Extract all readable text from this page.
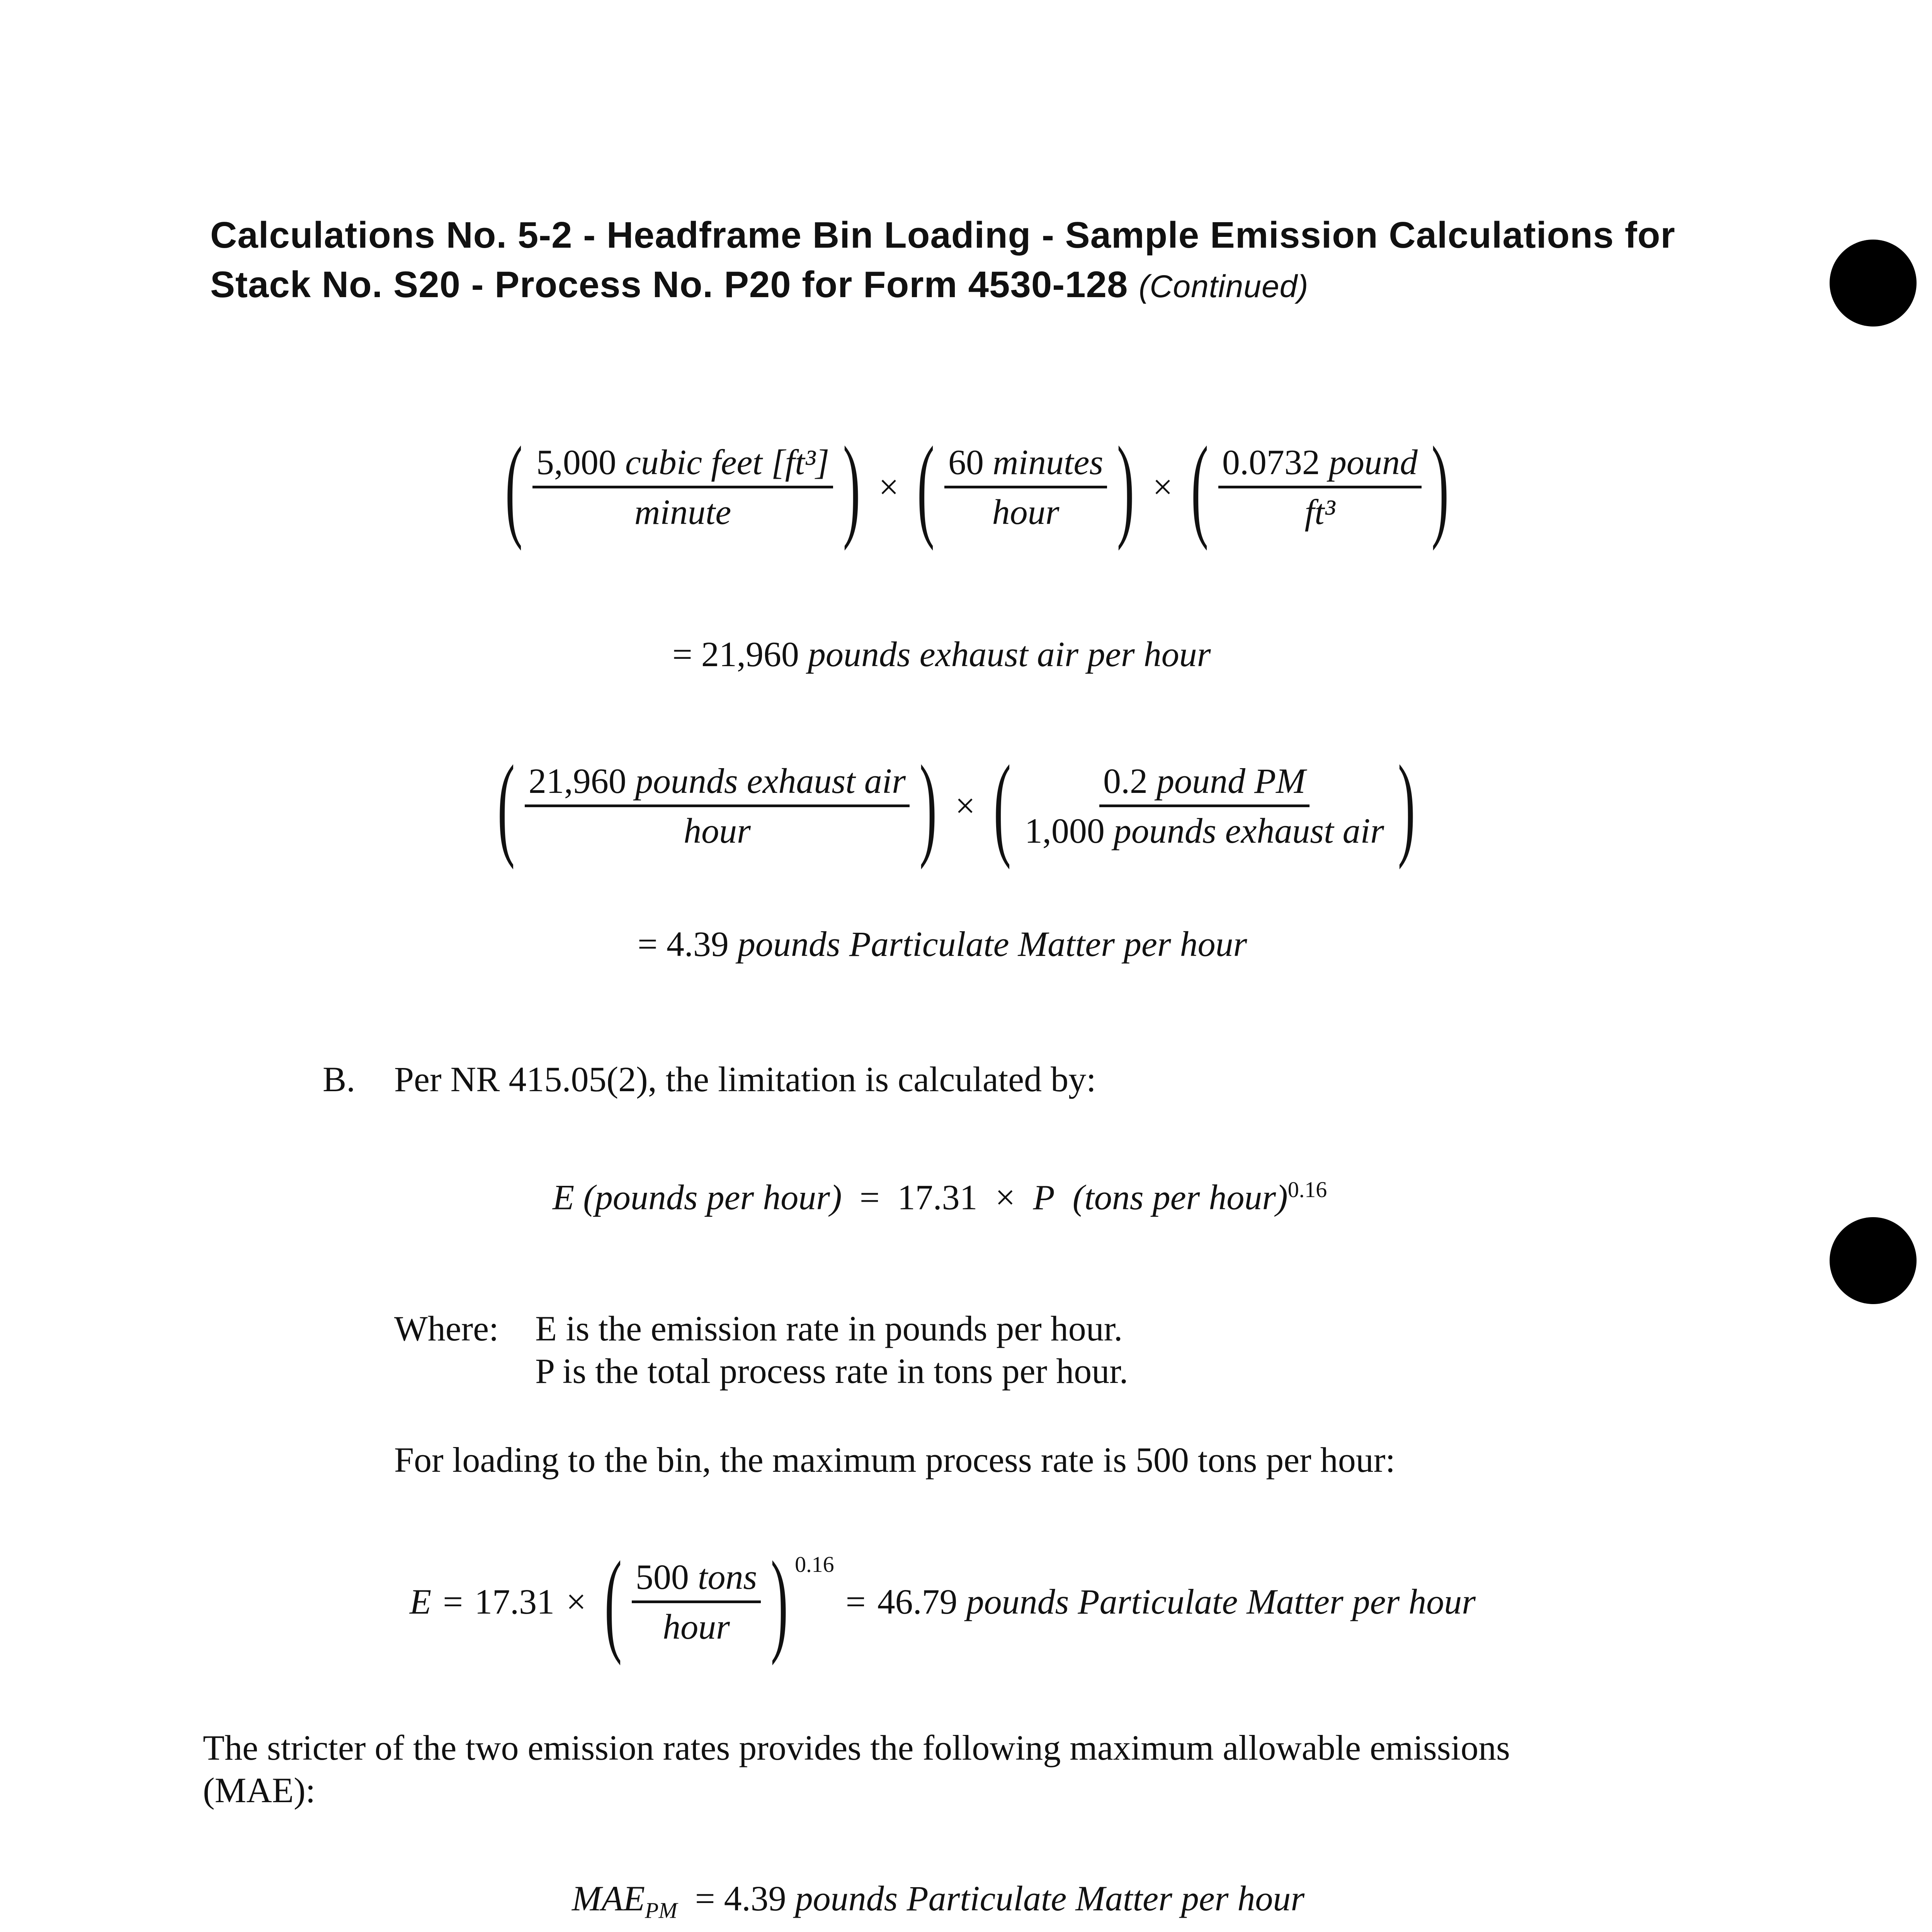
Calculations No. 5-2 - Headframe Bin Loading - Sample Emission Calculations for
Stack No. S20 - Process No. P20 for Form 4530-128 (Continued)
( $\frac{\text{5,000 cubic feet [ft³]}}{\text{minute}}$ ) × ( $\frac{\text{60 minutes}}{\text{hour}}$ ) × ( $\frac{\text{0.0732 pound}}{\text{ft³}}$ )
= 21,960 pounds exhaust air per hour
( $\frac{\text{21,960 pounds exhaust air}}{\text{hour}}$ ) × ( $\frac{\text{0.2 pound PM}}{\text{1,000 pounds exhaust air}}$ )
= 4.39 pounds Particulate Matter per hour
B. Per NR 415.05(2), the limitation is calculated by:
E (pounds per hour) = 17.31 × P (tons per hour)$^{0.16}$
Where: E is the emission rate in pounds per hour.
P is the total process rate in tons per hour.
For loading to the bin, the maximum process rate is 500 tons per hour:
E = 17.31 × ( $\frac{\text{500 tons}}{\text{hour}}$ ) $^{0.16}$
= 46.79
pounds Particulate Matter per hour
The stricter of the two emission rates provides the following maximum allowable emissions
(MAE):
$MAE_{PM} = 4.39$ pounds Particulate Matter per hour
